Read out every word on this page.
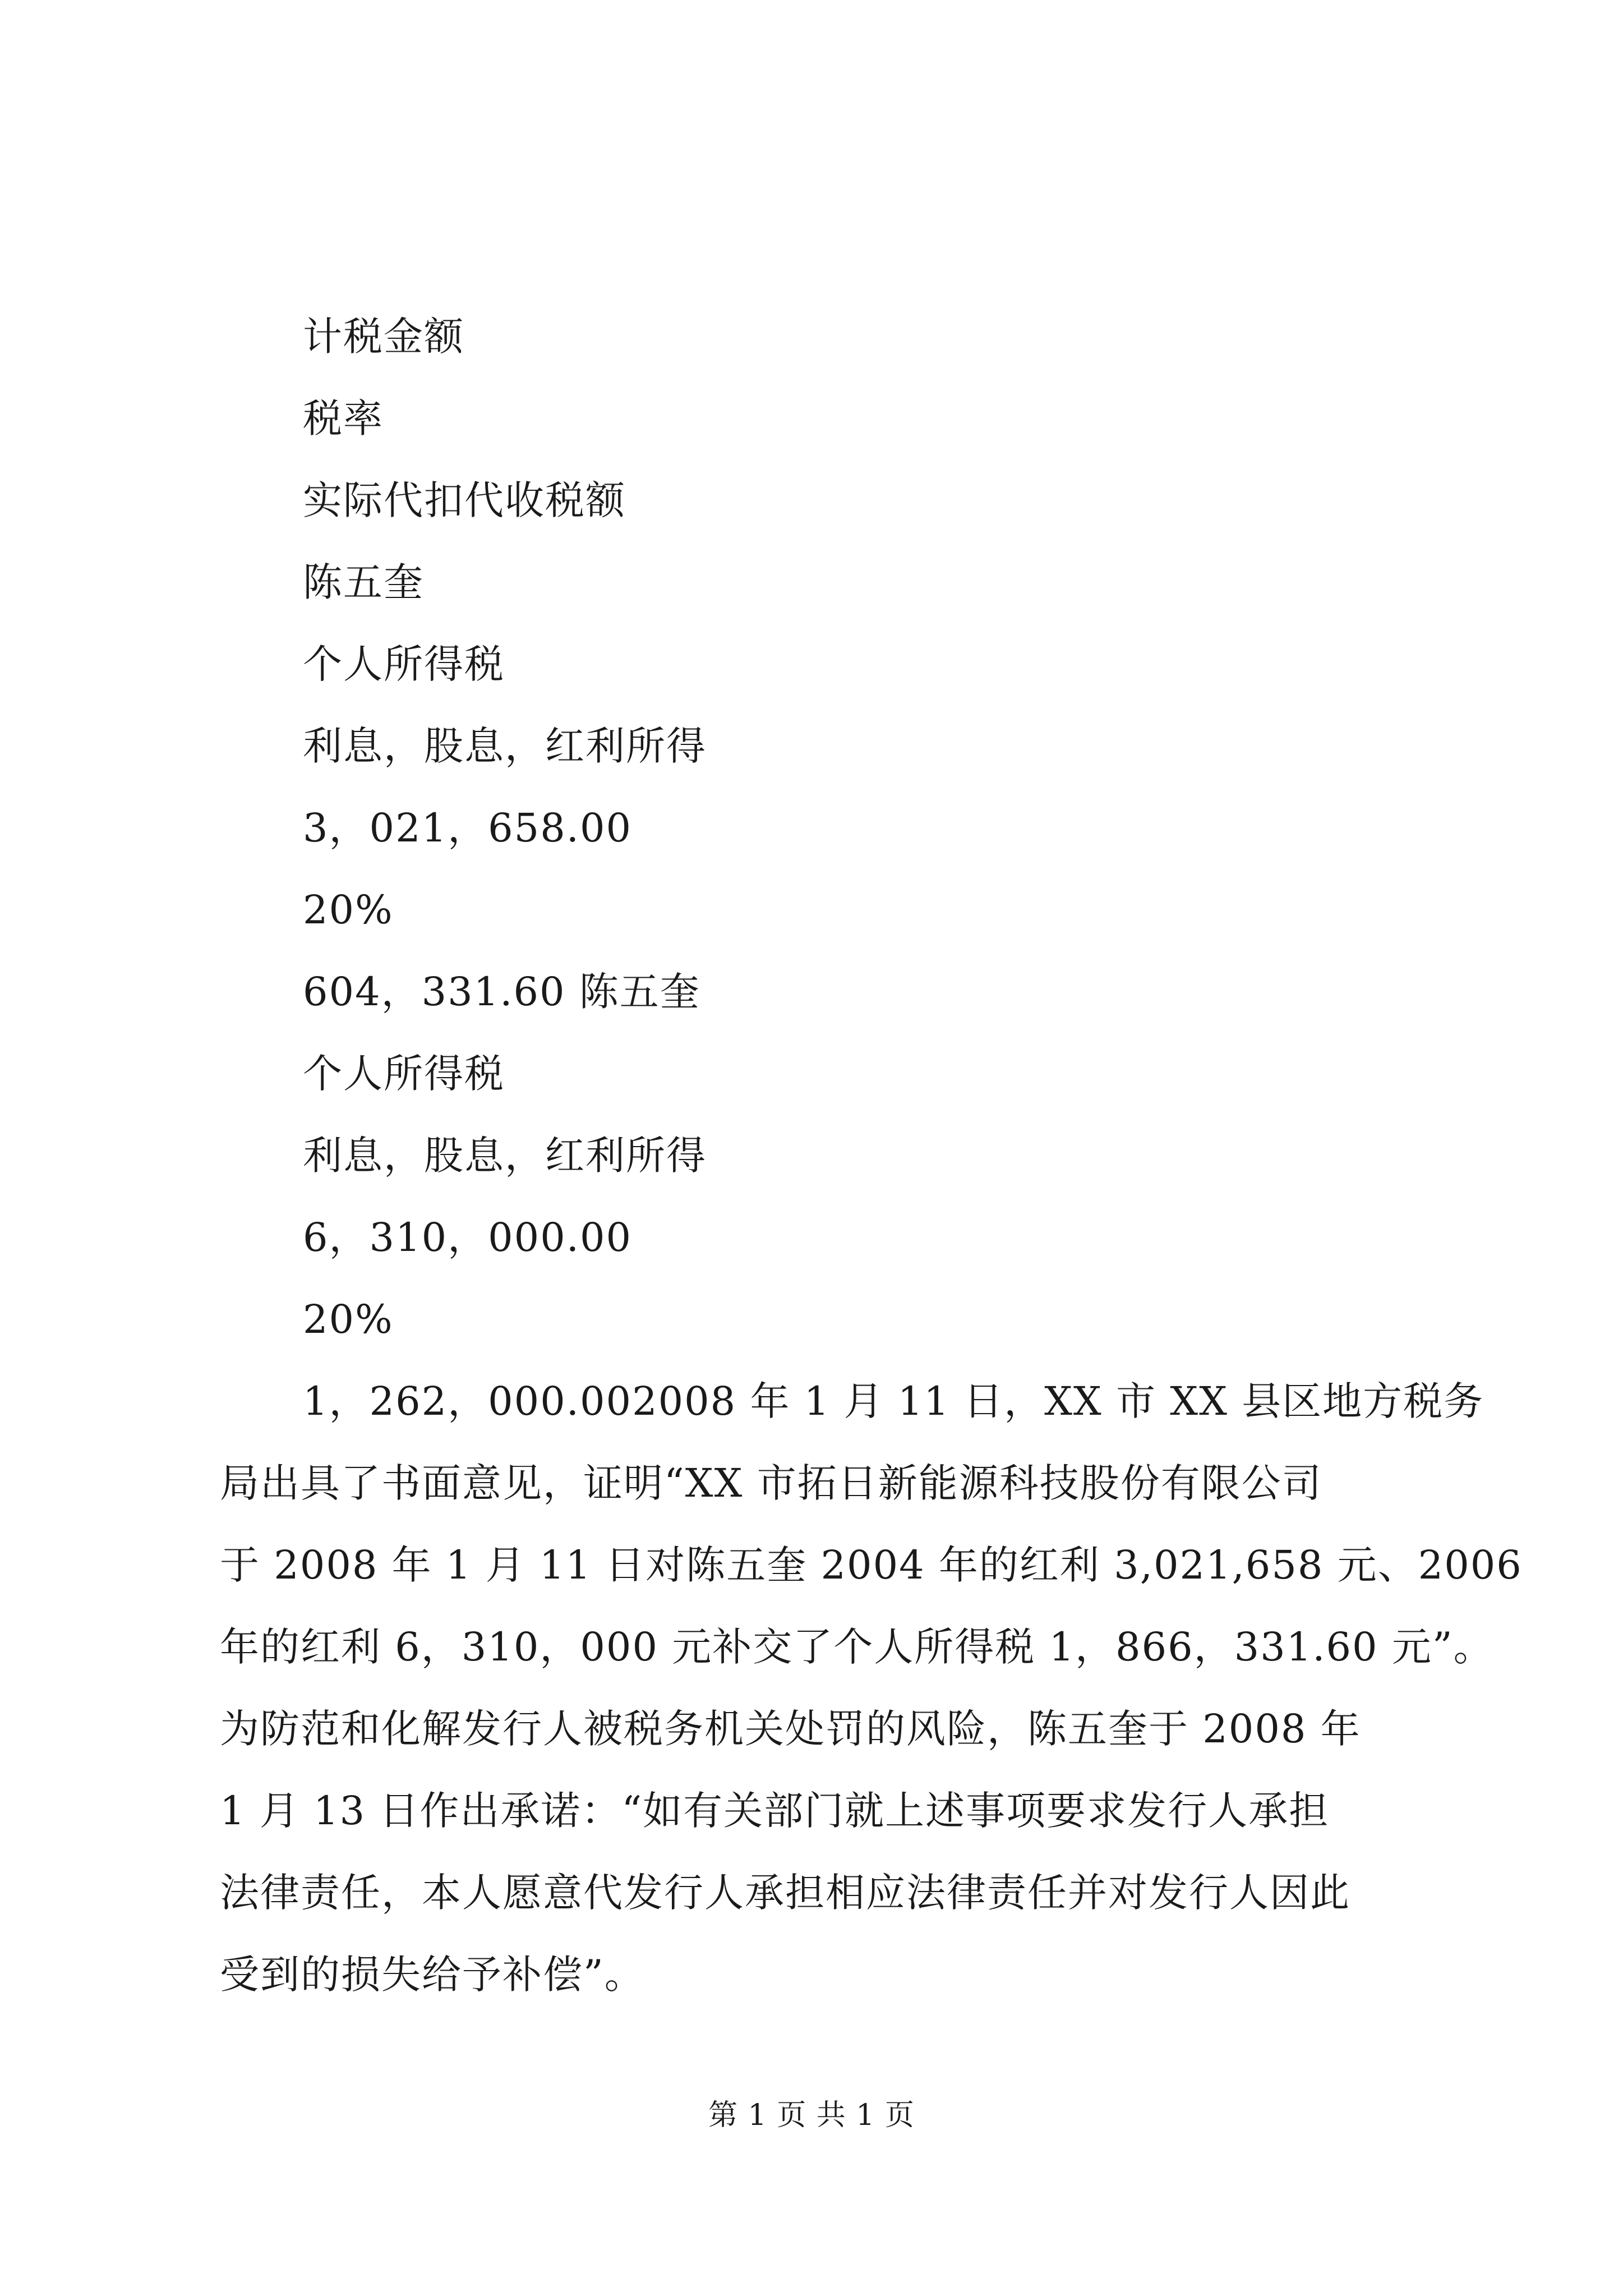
计税金额
税率
实际代扣代收税额
陈五奎
个人所得税
利息，股息，红利所得
3，021，658.00
20%
604，331.60 陈五奎
个人所得税
利息，股息，红利所得
6，310，000.00
20%
1，262，000.002008 年 1 月 11 日，XX 市 XX 县区地方税务
局出具了书面意见，证明“XX 市拓日新能源科技股份有限公司
于 2008 年 1 月 11 日对陈五奎 2004 年的红利 3,021,658 元、2006
年的红利 6，310，000 元补交了个人所得税 1，866，331.60 元”。
为防范和化解发行人被税务机关处罚的风险，陈五奎于 2008 年
1 月 13 日作出承诺：“如有关部门就上述事项要求发行人承担
法律责任，本人愿意代发行人承担相应法律责任并对发行人因此
受到的损失给予补偿”。
第 1 页 共 1 页
